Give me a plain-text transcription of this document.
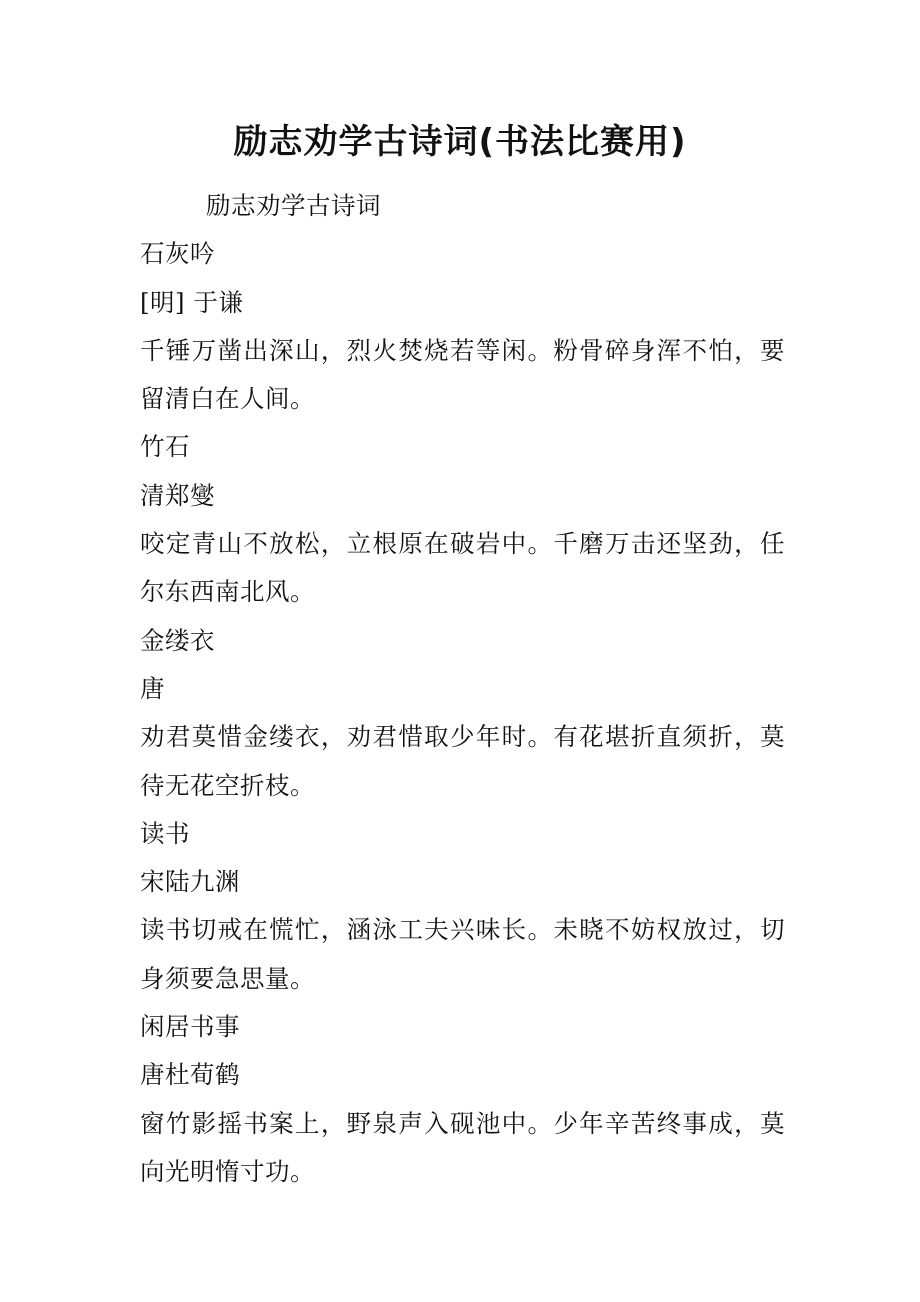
励志劝学古诗词(书法比赛用)
励志劝学古诗词
石灰吟
[明] 于谦
千锤万凿出深山，烈火焚烧若等闲。粉骨碎身浑不怕，要留清白在人间。
竹石
清郑燮
咬定青山不放松，立根原在破岩中。千磨万击还坚劲，任尔东西南北风。
金缕衣
唐
劝君莫惜金缕衣，劝君惜取少年时。有花堪折直须折，莫待无花空折枝。
读书
宋陆九渊
读书切戒在慌忙，涵泳工夫兴味长。未晓不妨权放过，切身须要急思量。
闲居书事
唐杜荀鹤
窗竹影摇书案上，野泉声入砚池中。少年辛苦终事成，莫向光明惰寸功。
